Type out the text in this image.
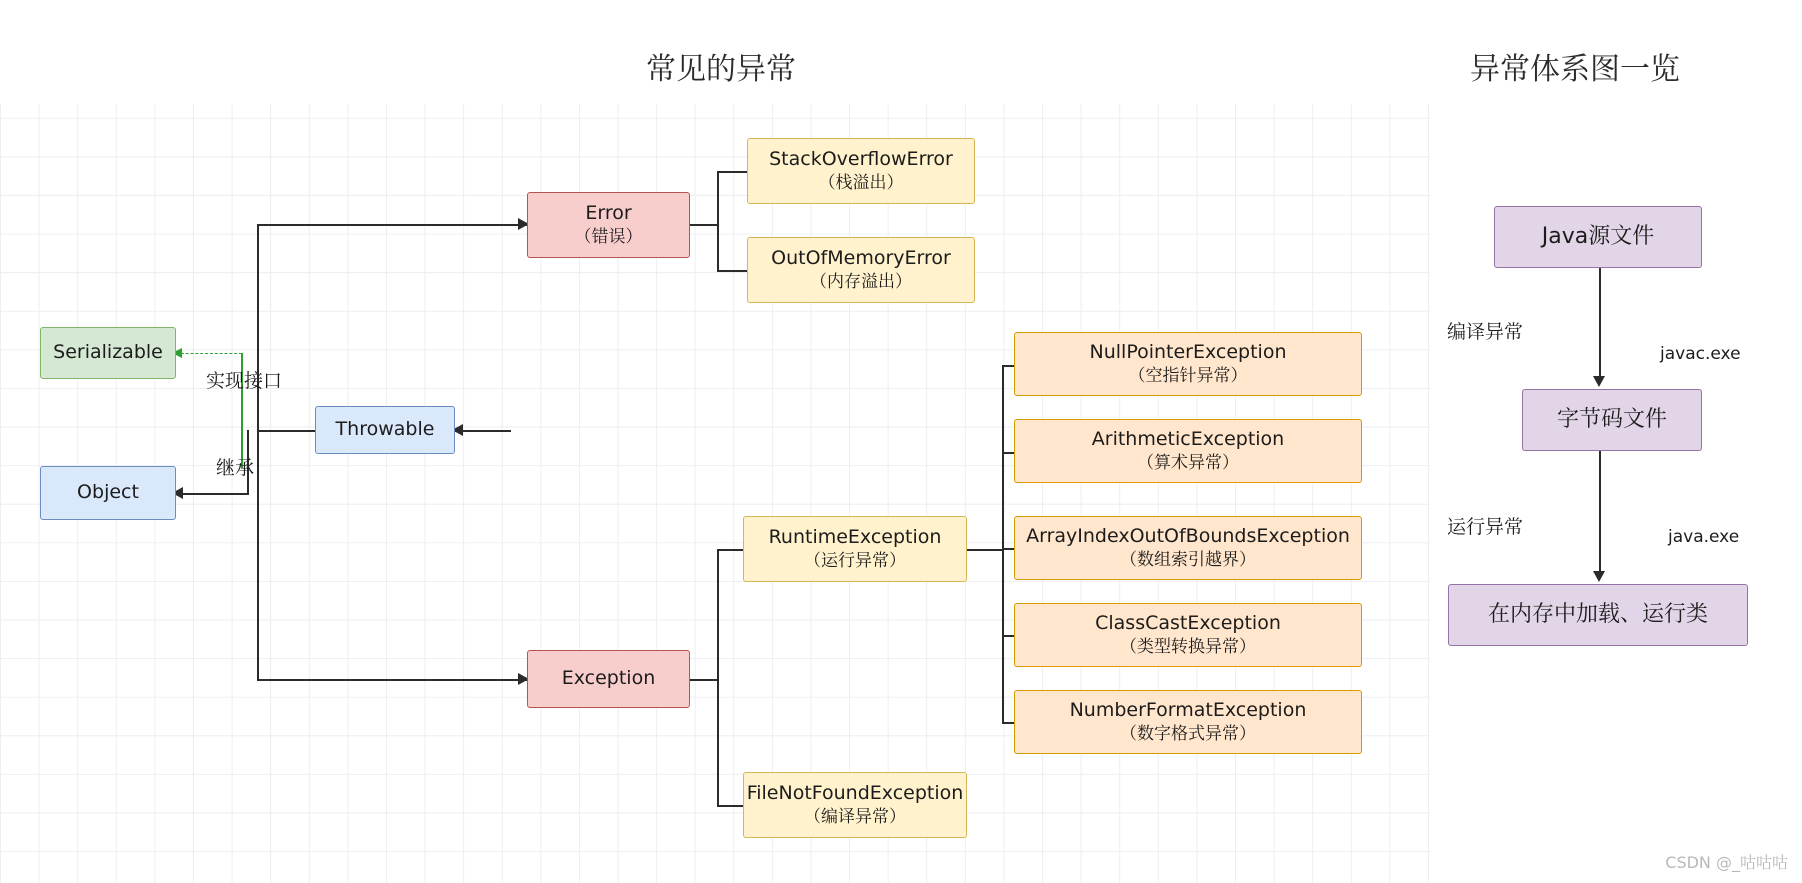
常见的异常	异常体系图一览
Serializable
Object
Throwable
Error
（错误）
Exception
StackOverflowError
（栈溢出）
OutOfMemoryError
（内存溢出）
RuntimeException
（运行异常）
FileNotFoundException
（编译异常）
NullPointerException
（空指针异常）
ArithmeticException
（算术异常）
ArrayIndexOutOfBoundsException
（数组索引越界）
ClassCastException
（类型转换异常）
NumberFormatException
（数字格式异常）
实现接口
继承
Java源文件
字节码文件
在内存中加载、运行类
编译异常
javac.exe
运行异常	java.exe
CSDN @_咕咕咕
